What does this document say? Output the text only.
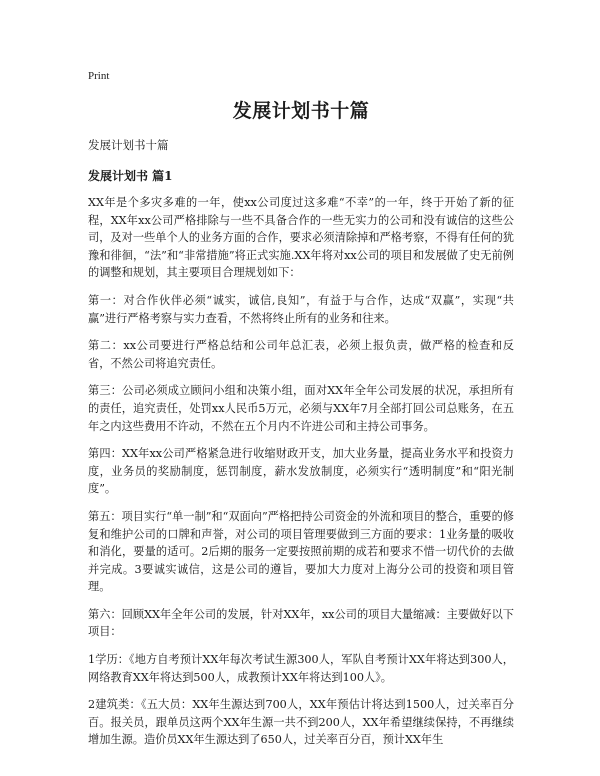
Print
发展计划书十篇
发展计划书十篇
发展计划书 篇1

XX年是个多灾多难的一年，使xx公司度过这多难“不幸”的一年，终于开始了新的征程，XX年xx公司严格排除与一些不具备合作的一些无实力的公司和没有诚信的这些公司，及对一些单个人的业务方面的合作，要求必须清除掉和严格考察，不得有任何的犹豫和徘徊，“法”和“非常措施”将正式实施.XX年将对xx公司的项目和发展做了史无前例的调整和规划，其主要项目合理规划如下：

第一：对合作伙伴必须“诚实，诚信,良知”，有益于与合作，达成“双赢”，实现“共赢”进行严格考察与实力查看，不然将终止所有的业务和往来。

第二：xx公司要进行严格总结和公司年总汇表，必须上报负责，做严格的检查和反省，不然公司将追究责任。

第三：公司必须成立顾问小组和决策小组，面对XX年全年公司发展的状况，承担所有的责任，追究责任，处罚xx人民币5万元，必须与XX年7月全部打回公司总账务，在五年之内这些费用不许动，不然在五个月内不许进公司和主持公司事务。

第四：XX年xx公司严格紧急进行收缩财政开支，加大业务量，提高业务水平和投资力度，业务员的奖励制度，惩罚制度，薪水发放制度，必须实行“透明制度”和“阳光制度”。

第五：项目实行“单一制”和“双面向”严格把持公司资金的外流和项目的整合，重要的修复和维护公司的口牌和声誉，对公司的项目管理要做到三方面的要求：1业务量的吸收和消化，要量的适可。2后期的服务一定要按照前期的成若和要求不惜一切代价的去做并完成。3要诚实诚信，这是公司的遵旨，要加大力度对上海分公司的投资和项目管理。

第六：回顾XX年全年公司的发展，针对XX年，xx公司的项目大量缩减：主要做好以下项目：

1学历：《地方自考预计XX年每次考试生源300人，军队自考预计XX年将达到300人，网络教育XX年将达到500人，成教预计XX年将达到100人》。

2建筑类：《五大员：XX年生源达到700人，XX年预估计将达到1500人，过关率百分百。报关员，跟单员这两个XX年生源一共不到200人，XX年希望继续保持，不再继续增加生源。造价员XX年生源达到了650人，过关率百分百，预计XX年生
